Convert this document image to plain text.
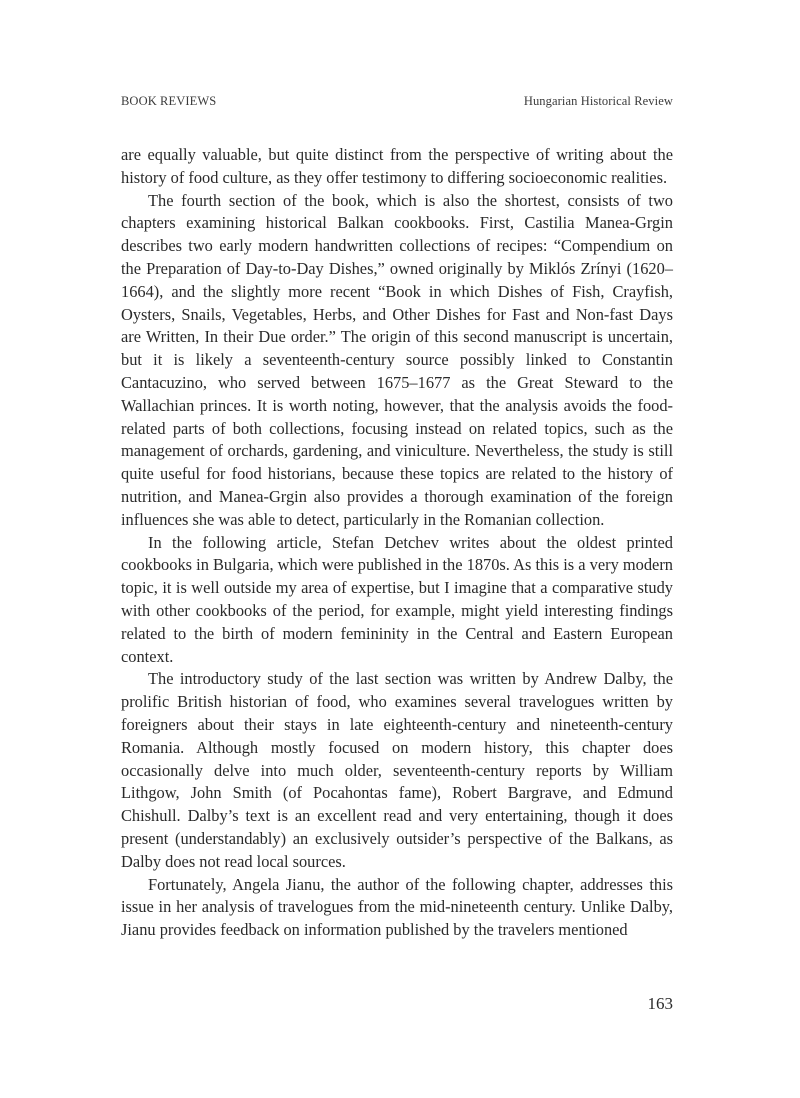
BOOK REVIEWS	Hungarian Historical Review

are equally valuable, but quite distinct from the perspective of writing about the history of food culture, as they offer testimony to differing socioeconomic realities.

The fourth section of the book, which is also the shortest, consists of two chapters examining historical Balkan cookbooks. First, Castilia Manea-Grgin describes two early modern handwritten collections of recipes: “Compendium on the Preparation of Day-to-Day Dishes,” owned originally by Miklós Zrínyi (1620–1664), and the slightly more recent “Book in which Dishes of Fish, Crayfish, Oysters, Snails, Vegetables, Herbs, and Other Dishes for Fast and Non-fast Days are Written, In their Due order.” The origin of this second manuscript is uncertain, but it is likely a seventeenth-century source possibly linked to Constantin Cantacuzino, who served between 1675–1677 as the Great Steward to the Wallachian princes. It is worth noting, however, that the analysis avoids the food-related parts of both collections, focusing instead on related topics, such as the management of orchards, gardening, and viniculture. Nevertheless, the study is still quite useful for food historians, because these topics are related to the history of nutrition, and Manea-Grgin also provides a thorough examination of the foreign influences she was able to detect, particularly in the Romanian collection.

In the following article, Stefan Detchev writes about the oldest printed cookbooks in Bulgaria, which were published in the 1870s. As this is a very modern topic, it is well outside my area of expertise, but I imagine that a comparative study with other cookbooks of the period, for example, might yield interesting findings related to the birth of modern femininity in the Central and Eastern European context.

The introductory study of the last section was written by Andrew Dalby, the prolific British historian of food, who examines several travelogues written by foreigners about their stays in late eighteenth-century and nineteenth-century Romania. Although mostly focused on modern history, this chapter does occasionally delve into much older, seventeenth-century reports by William Lithgow, John Smith (of Pocahontas fame), Robert Bargrave, and Edmund Chishull. Dalby’s text is an excellent read and very entertaining, though it does present (understandably) an exclusively outsider’s perspective of the Balkans, as Dalby does not read local sources.

Fortunately, Angela Jianu, the author of the following chapter, addresses this issue in her analysis of travelogues from the mid-nineteenth century. Unlike Dalby, Jianu provides feedback on information published by the travelers mentioned

163
